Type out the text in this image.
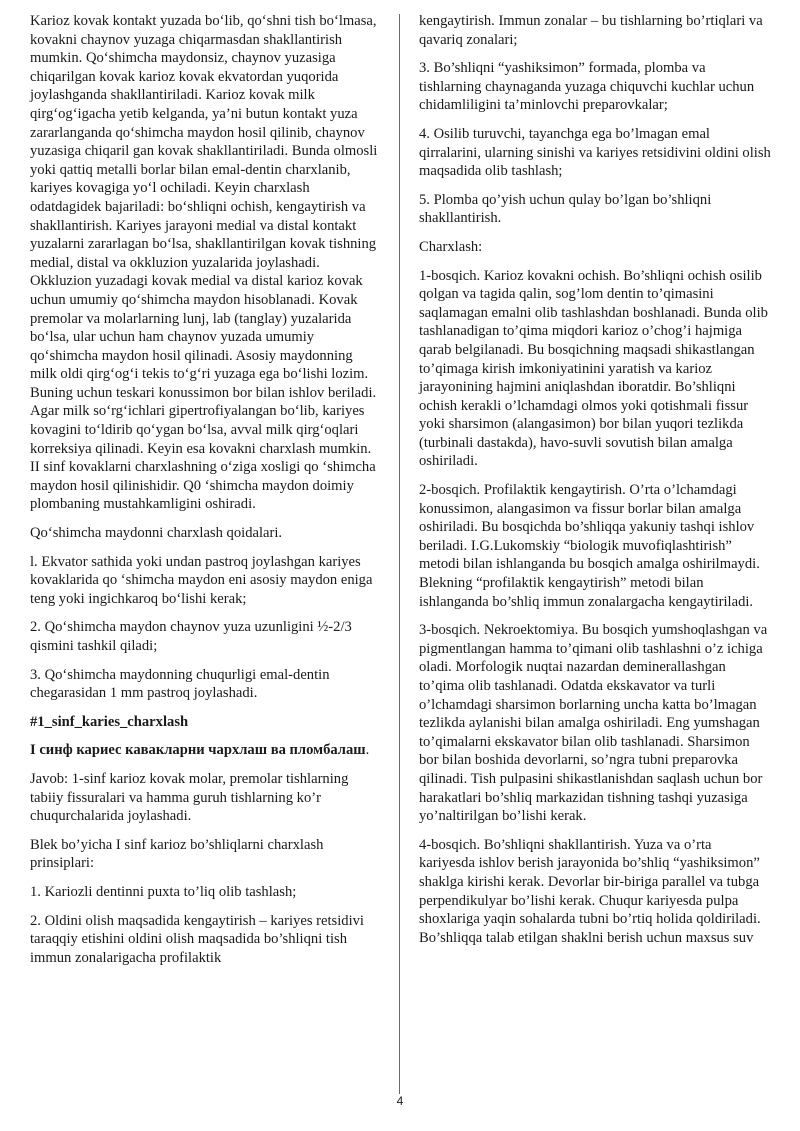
Karioz kovak kontakt yuzada bo‘lib, qo‘shni tish bo‘lmasa, kovakni chaynov yuzaga chiqarmasdan shakllantirish mumkin. Qo‘shimcha maydonsiz, chaynov yuzasiga chiqarilgan kovak karioz kovak ekvatordan yuqorida joylashganda shakllantiriladi. Karioz kovak milk qirg‘og‘igacha yetib kelganda, ya’ni butun kontakt yuza zararlanganda qo‘shimcha maydon hosil qilinib, chaynov yuzasiga chiqaril gan kovak shakllantiriladi. Bunda olmosli yoki qattiq metalli borlar bilan emal-dentin charxlanib, kariyes kovagiga yo‘l ochiladi. Keyin charxlash odatdagidek bajariladi: bo‘shliqni ochish, kengaytirish va shakllantirish. Kariyes jarayoni medial va distal kontakt yuzalarni zararlagan bo‘lsa, shakllantirilgan kovak tishning medial, distal va okkluzion yuzalarida joylashadi. Okkluzion yuzadagi kovak medial va distal karioz kovak uchun umumiy qo‘shimcha maydon hisoblanadi. Kovak premolar va molarlarning lunj, lab (tanglay) yuzalarida bo‘lsa, ular uchun ham chaynov yuzada umumiy qo‘shimcha maydon hosil qilinadi. Asosiy maydonning milk oldi qirg‘og‘i tekis to‘g‘ri yuzaga ega bo‘lishi lozim. Buning uchun teskari konussimon bor bilan ishlov beriladi. Agar milk so‘rg‘ichlari gipertrofiyalangan bo‘lib, kariyes kovagini to‘ldirib qo‘ygan bo‘lsa, avval milk qirg‘oqlari korreksiya qilinadi. Keyin esa kovakni charxlash mumkin. II sinf kovaklarni charxlashning o‘ziga xosligi qo ‘shimcha maydon hosil qilinishidir. Q0 ‘shimcha maydon doimiy plombaning mustahkamligini oshiradi.

Qo‘shimcha maydonni charxlash qoidalari.

l. Ekvator sathida yoki undan pastroq joylashgan kariyes kovaklarida qo ‘shimcha maydon eni asosiy maydon eniga teng yoki ingichkaroq bo‘lishi kerak;

2. Qo‘shimcha maydon chaynov yuza uzunligini ½-2/3 qismini tashkil qiladi;

3. Qo‘shimcha maydonning chuqurligi emal-dentin chegarasidan 1 mm pastroq joylashadi.

#1_sinf_karies_charxlash

I синф кариес кавакларни чархлаш ва пломбалаш.

Javob: 1-sinf karioz kovak molar, premolar tishlarning tabiiy fissuralari va hamma guruh tishlarning ko’r chuqurchalarida joylashadi.

Blek bo’yicha I sinf karioz bo’shliqlarni charxlash prinsiplari:

1. Kariozli dentinni puxta to’liq olib tashlash;

2. Oldini olish maqsadida kengaytirish – kariyes retsidivi taraqqiy etishini oldini olish maqsadida bo’shliqni tish immun zonalarigacha profilaktik

kengaytirish. Immun zonalar – bu tishlarning bo’rtiqlari va qavariq zonalari;

3. Bo’shliqni “yashiksimon” formada, plomba va tishlarning chaynaganda yuzaga chiquvchi kuchlar uchun chidamliligini ta’minlovchi preparovkalar;

4. Osilib turuvchi, tayanchga ega bo’lmagan emal qirralarini, ularning sinishi va kariyes retsidivini oldini olish maqsadida olib tashlash;

5. Plomba qo’yish uchun qulay bo’lgan bo’shliqni shakllantirish.

Charxlash:

1-bosqich. Karioz kovakni ochish. Bo’shliqni ochish osilib qolgan va tagida qalin, sog’lom dentin to’qimasini saqlamagan emalni olib tashlashdan boshlanadi. Bunda olib tashlanadigan to’qima miqdori karioz o’chog’i hajmiga qarab belgilanadi. Bu bosqichning maqsadi shikastlangan to’qimaga kirish imkoniyatinini yaratish va karioz jarayonining hajmini aniqlashdan iboratdir. Bo’shliqni ochish kerakli o’lchamdagi olmos yoki qotishmali fissur yoki sharsimon (alangasimon) bor bilan yuqori tezlikda (turbinali dastakda), havo-suvli sovutish bilan amalga oshiriladi.

2-bosqich. Profilaktik kengaytirish. O’rta o’lchamdagi konussimon, alangasimon va fissur borlar bilan amalga oshiriladi. Bu bosqichda bo’shliqqa yakuniy tashqi ishlov beriladi. I.G.Lukomskiy “biologik muvofiqlashtirish” metodi bilan ishlanganda bu bosqich amalga oshirilmaydi. Blekning “profilaktik kengaytirish” metodi bilan ishlanganda bo’shliq immun zonalargacha kengaytiriladi.

3-bosqich. Nekroektomiya. Bu bosqich yumshoqlashgan va pigmentlangan hamma to’qimani olib tashlashni o’z ichiga oladi. Morfologik nuqtai nazardan deminerallashgan to’qima olib tashlanadi. Odatda ekskavator va turli o’lchamdagi sharsimon borlarning uncha katta bo’lmagan tezlikda aylanishi bilan amalga oshiriladi. Eng yumshagan to’qimalarni ekskavator bilan olib tashlanadi. Sharsimon bor bilan boshida devorlarni, so’ngra tubni preparovka qilinadi. Tish pulpasini shikastlanishdan saqlash uchun bor harakatlari bo’shliq markazidan tishning tashqi yuzasiga yo’naltirilgan bo’lishi kerak.

4-bosqich. Bo’shliqni shakllantirish. Yuza va o’rta kariyesda ishlov berish jarayonida bo’shliq “yashiksimon” shaklga kirishi kerak. Devorlar bir-biriga parallel va tubga perpendikulyar bo’lishi kerak. Chuqur kariyesda pulpa shoxlariga yaqin sohalarda tubni bo’rtiq holida qoldiriladi. Bo’shliqqa talab etilgan shaklni berish uchun maxsus suv

4
